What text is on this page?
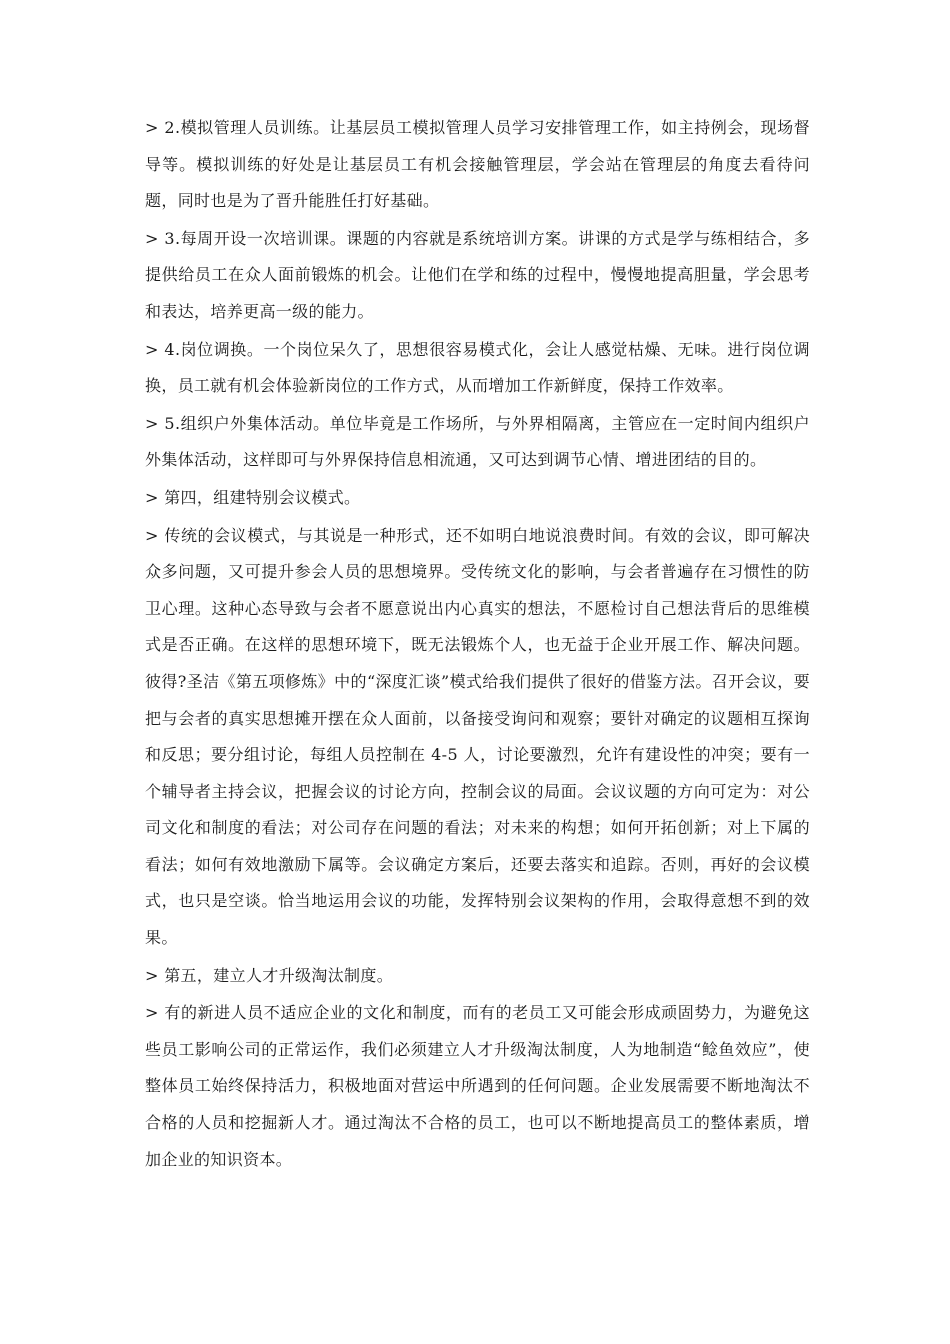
> 2.模拟管理人员训练。让基层员工模拟管理人员学习安排管理工作，如主持例会，现场督导等。模拟训练的好处是让基层员工有机会接触管理层，学会站在管理层的角度去看待问题，同时也是为了晋升能胜任打好基础。

> 3.每周开设一次培训课。课题的内容就是系统培训方案。讲课的方式是学与练相结合，多提供给员工在众人面前锻炼的机会。让他们在学和练的过程中，慢慢地提高胆量，学会思考和表达，培养更高一级的能力。

> 4.岗位调换。一个岗位呆久了，思想很容易模式化，会让人感觉枯燥、无味。进行岗位调换，员工就有机会体验新岗位的工作方式，从而增加工作新鲜度，保持工作效率。

> 5.组织户外集体活动。单位毕竟是工作场所，与外界相隔离，主管应在一定时间内组织户外集体活动，这样即可与外界保持信息相流通，又可达到调节心情、增进团结的目的。

> 第四，组建特别会议模式。

> 传统的会议模式，与其说是一种形式，还不如明白地说浪费时间。有效的会议，即可解决众多问题，又可提升参会人员的思想境界。受传统文化的影响，与会者普遍存在习惯性的防卫心理。这种心态导致与会者不愿意说出内心真实的想法，不愿检讨自己想法背后的思维模式是否正确。在这样的思想环境下，既无法锻炼个人，也无益于企业开展工作、解决问题。彼得?圣洁《第五项修炼》中的“深度汇谈”模式给我们提供了很好的借鉴方法。召开会议，要把与会者的真实思想摊开摆在众人面前，以备接受询问和观察；要针对确定的议题相互探询和反思；要分组讨论，每组人员控制在 4-5 人，讨论要激烈，允许有建设性的冲突；要有一个辅导者主持会议，把握会议的讨论方向，控制会议的局面。会议议题的方向可定为：对公司文化和制度的看法；对公司存在问题的看法；对未来的构想；如何开拓创新；对上下属的看法；如何有效地激励下属等。会议确定方案后，还要去落实和追踪。否则，再好的会议模式，也只是空谈。恰当地运用会议的功能，发挥特别会议架构的作用，会取得意想不到的效果。

> 第五，建立人才升级淘汰制度。

> 有的新进人员不适应企业的文化和制度，而有的老员工又可能会形成顽固势力，为避免这些员工影响公司的正常运作，我们必须建立人才升级淘汰制度，人为地制造“鲶鱼效应”，使整体员工始终保持活力，积极地面对营运中所遇到的任何问题。企业发展需要不断地淘汰不合格的人员和挖掘新人才。通过淘汰不合格的员工，也可以不断地提高员工的整体素质，增加企业的知识资本。
